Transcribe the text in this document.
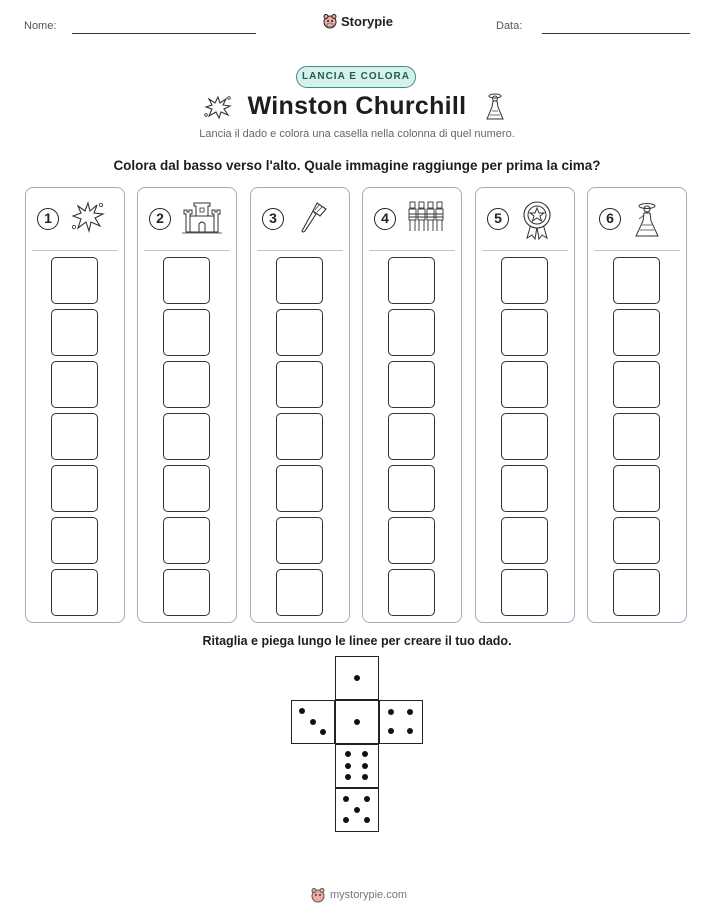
Nome:	Storypie	Data:
LANCIA E COLORA
Winston Churchill
Lancia il dado e colora una casella nella colonna di quel numero.
Colora dal basso verso l'alto. Quale immagine raggiunge per prima la cima?
1	2	3	4	5	6
Ritaglia e piega lungo le linee per creare il tuo dado.
mystorypie.com
